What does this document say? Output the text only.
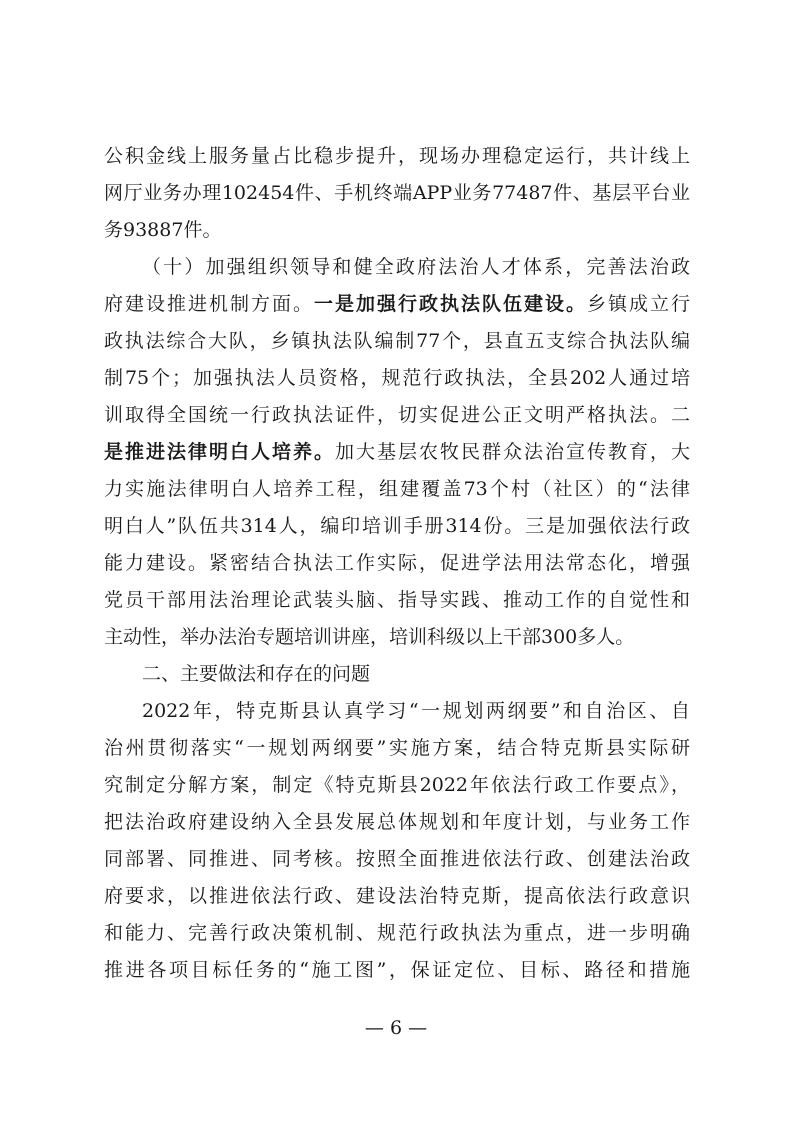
公积金线上服务量占比稳步提升，现场办理稳定运行，共计线上
网厅业务办理102454件、手机终端APP业务77487件、基层平台业
务93887件。
（十）加强组织领导和健全政府法治人才体系，完善法治政
府建设推进机制方面。一是加强行政执法队伍建设。乡镇成立行
政执法综合大队，乡镇执法队编制77个，县直五支综合执法队编
制75个；加强执法人员资格，规范行政执法，全县202人通过培
训取得全国统一行政执法证件，切实促进公正文明严格执法。二
是推进法律明白人培养。加大基层农牧民群众法治宣传教育，大
力实施法律明白人培养工程，组建覆盖73个村（社区）的“法律
明白人”队伍共314人，编印培训手册314份。三是加强依法行政
能力建设。紧密结合执法工作实际，促进学法用法常态化，增强
党员干部用法治理论武装头脑、指导实践、推动工作的自觉性和
主动性，举办法治专题培训讲座，培训科级以上干部300多人。
二、主要做法和存在的问题
2022年，特克斯县认真学习“一规划两纲要”和自治区、自
治州贯彻落实“一规划两纲要”实施方案，结合特克斯县实际研
究制定分解方案，制定《特克斯县2022年依法行政工作要点》，
把法治政府建设纳入全县发展总体规划和年度计划，与业务工作
同部署、同推进、同考核。按照全面推进依法行政、创建法治政
府要求，以推进依法行政、建设法治特克斯，提高依法行政意识
和能力、完善行政决策机制、规范行政执法为重点，进一步明确
推进各项目标任务的“施工图”，保证定位、目标、路径和措施
— 6 —
